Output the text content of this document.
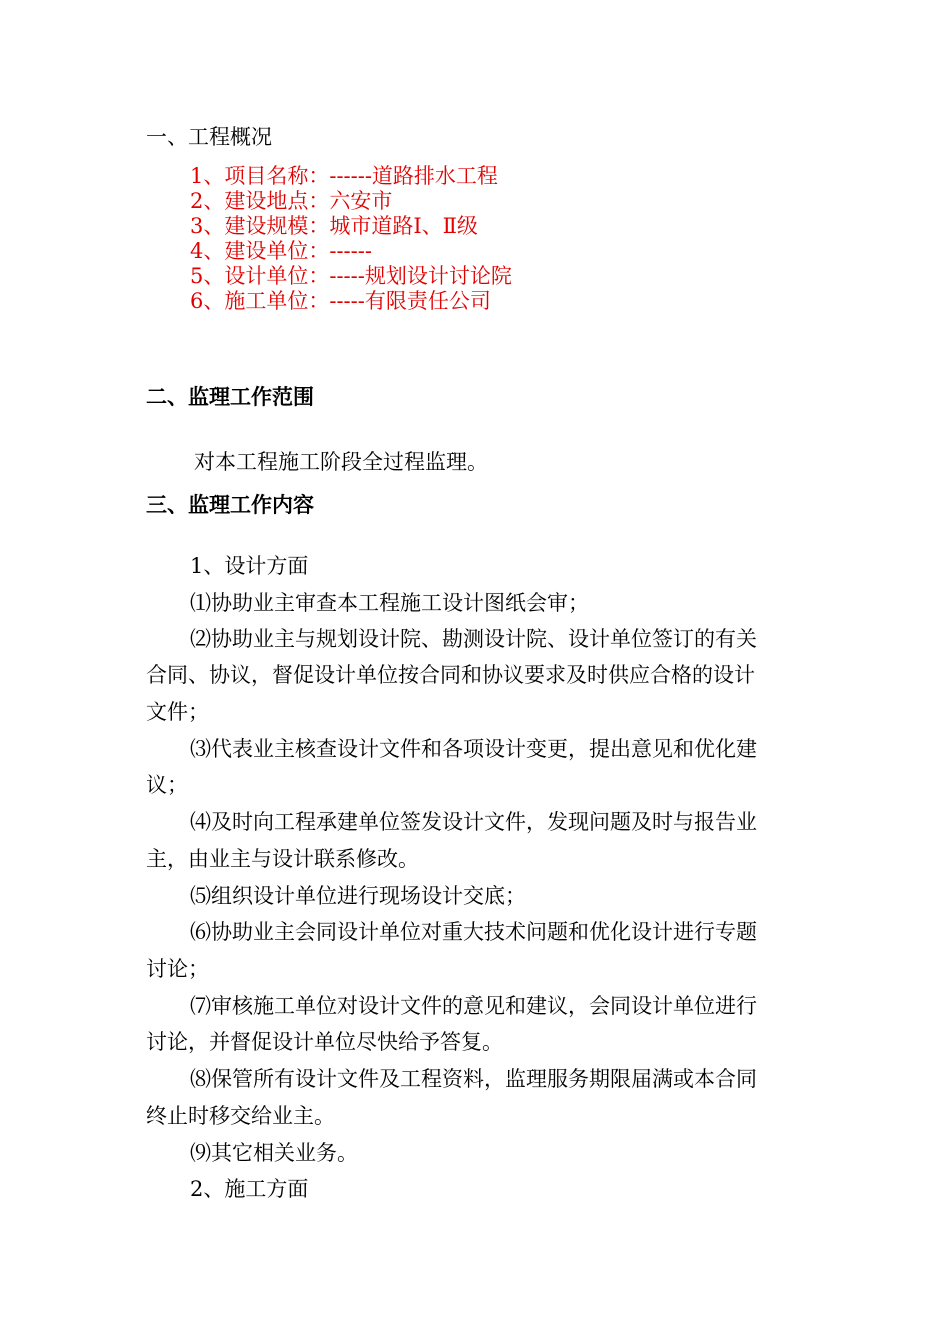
一、工程概况
1、项目名称：------道路排水工程
2、建设地点：六安市
3、建设规模：城市道路Ⅰ、Ⅱ级
4、建设单位：------
5、设计单位：-----规划设计讨论院
6、施工单位：-----有限责任公司
二、监理工作范围
对本工程施工阶段全过程监理。
三、监理工作内容
1、设计方面
⑴协助业主审查本工程施工设计图纸会审；
⑵协助业主与规划设计院、勘测设计院、设计单位签订的有关
合同、协议，督促设计单位按合同和协议要求及时供应合格的设计
文件；
⑶代表业主核查设计文件和各项设计变更，提出意见和优化建
议；
⑷及时向工程承建单位签发设计文件，发现问题及时与报告业
主，由业主与设计联系修改。
⑸组织设计单位进行现场设计交底；
⑹协助业主会同设计单位对重大技术问题和优化设计进行专题
讨论；
⑺审核施工单位对设计文件的意见和建议，会同设计单位进行
讨论，并督促设计单位尽快给予答复。
⑻保管所有设计文件及工程资料，监理服务期限届满或本合同
终止时移交给业主。
⑼其它相关业务。
2、施工方面
